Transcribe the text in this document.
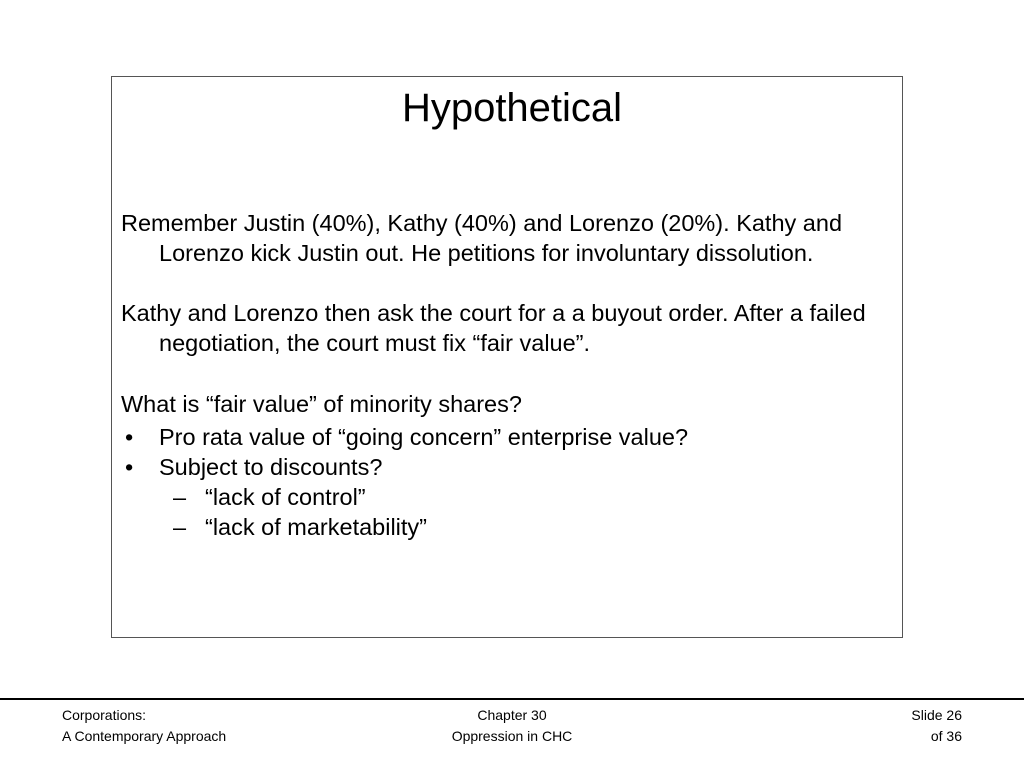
Hypothetical

Remember Justin (40%), Kathy (40%) and Lorenzo (20%). Kathy and Lorenzo kick Justin out. He petitions for involuntary dissolution.

Kathy and Lorenzo then ask the court for a a buyout order. After a failed negotiation, the court must fix “fair value”.

What is “fair value” of minority shares?

• Pro rata value of “going concern” enterprise value?

• Subject to discounts?

– “lack of control”

– “lack of marketability”

Corporations:
A Contemporary Approach
Chapter 30
Oppression in CHC
Slide 26
of 36
